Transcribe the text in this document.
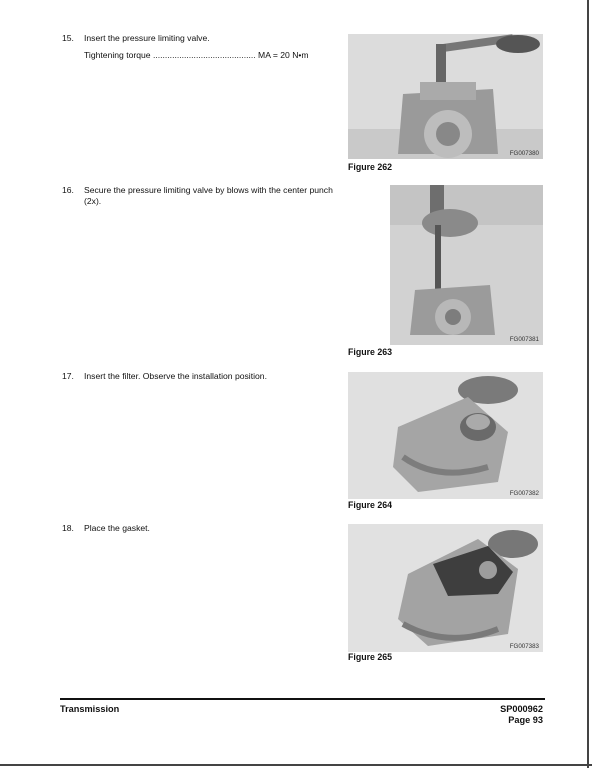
15.	Insert the pressure limiting valve.
Tightening torque ........................................... MA = 20 N•m
FG007380
Figure 262
16.	Secure the pressure limiting valve by blows with the center punch (2x).
FG007381
Figure 263
17.	Insert the filter. Observe the installation position.
FG007382
Figure 264
18.	Place the gasket.
FG007383
Figure 265
Transmission	SP000962
Page 93
